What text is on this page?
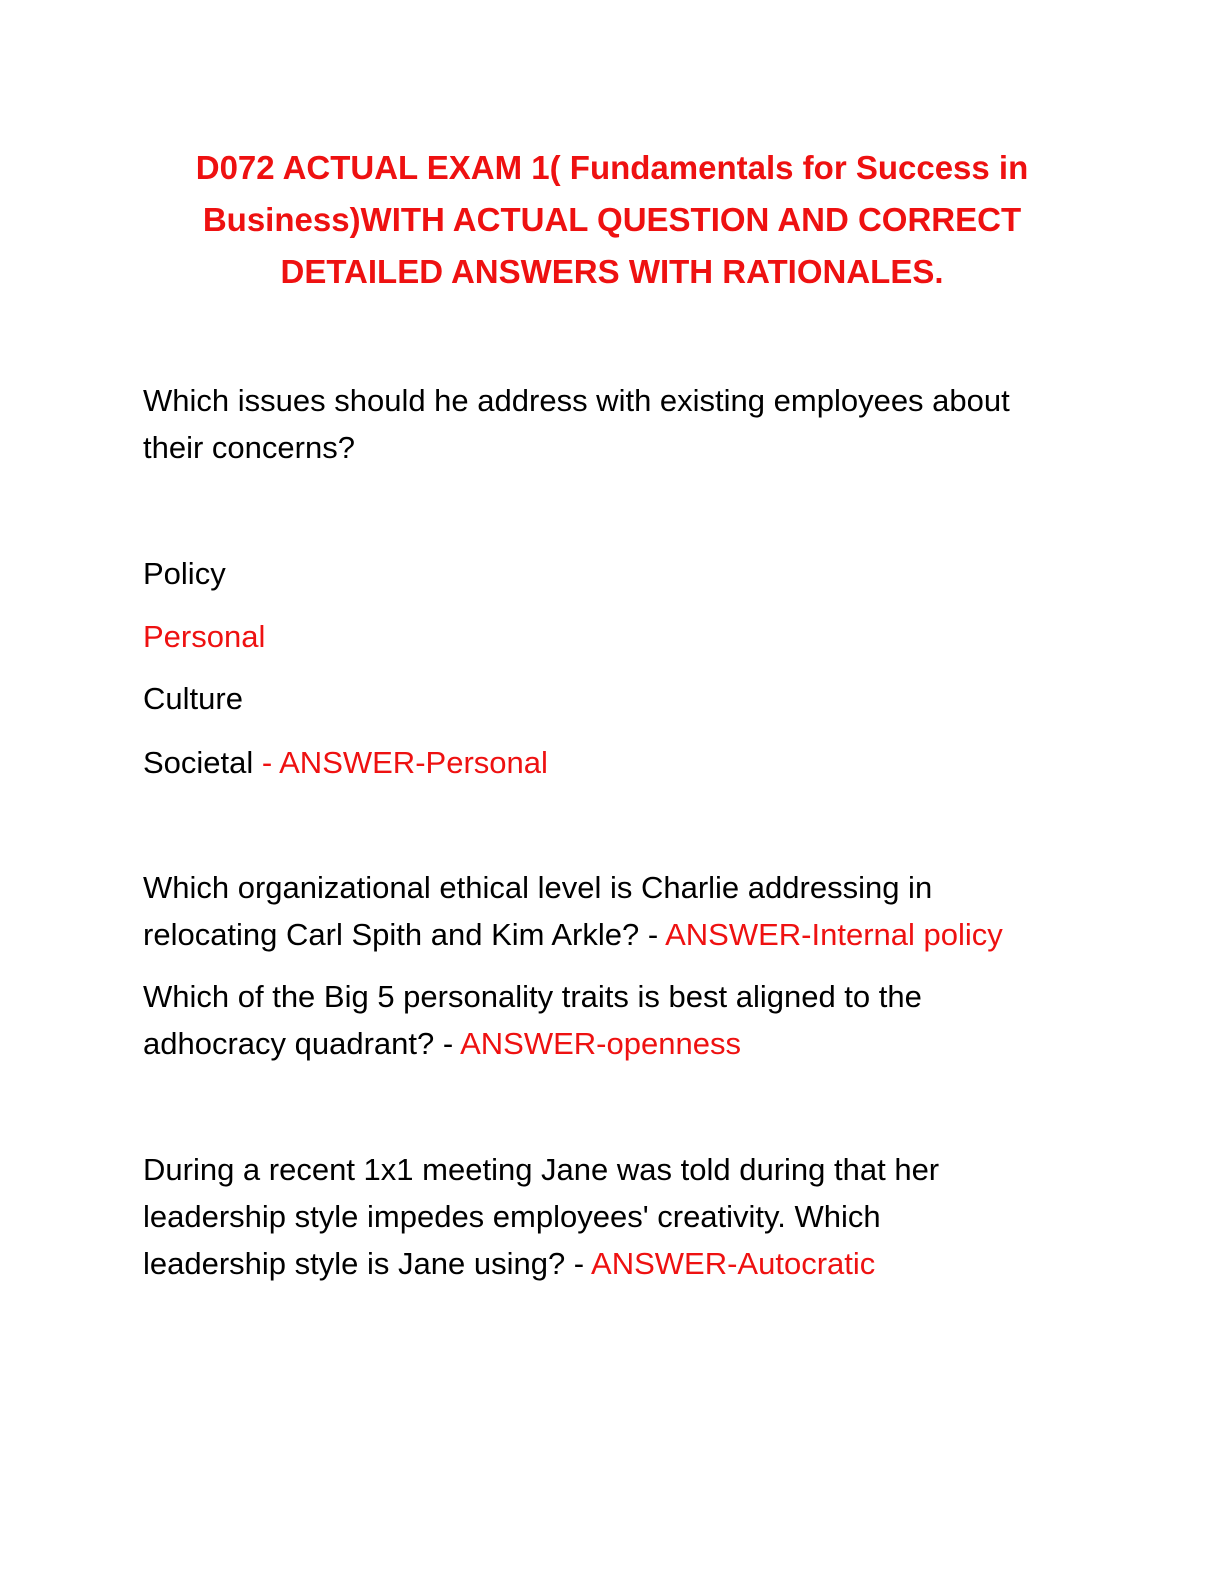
D072 ACTUAL EXAM 1( Fundamentals for Success in
Business)WITH ACTUAL QUESTION AND CORRECT
DETAILED ANSWERS WITH RATIONALES.
Which issues should he address with existing employees about
their concerns?
Policy
Personal
Culture
Societal - ANSWER-Personal
Which organizational ethical level is Charlie addressing in
relocating Carl Spith and Kim Arkle? - ANSWER-Internal policy
Which of the Big 5 personality traits is best aligned to the
adhocracy quadrant? - ANSWER-openness
During a recent 1x1 meeting Jane was told during that her
leadership style impedes employees' creativity. Which
leadership style is Jane using? - ANSWER-Autocratic
